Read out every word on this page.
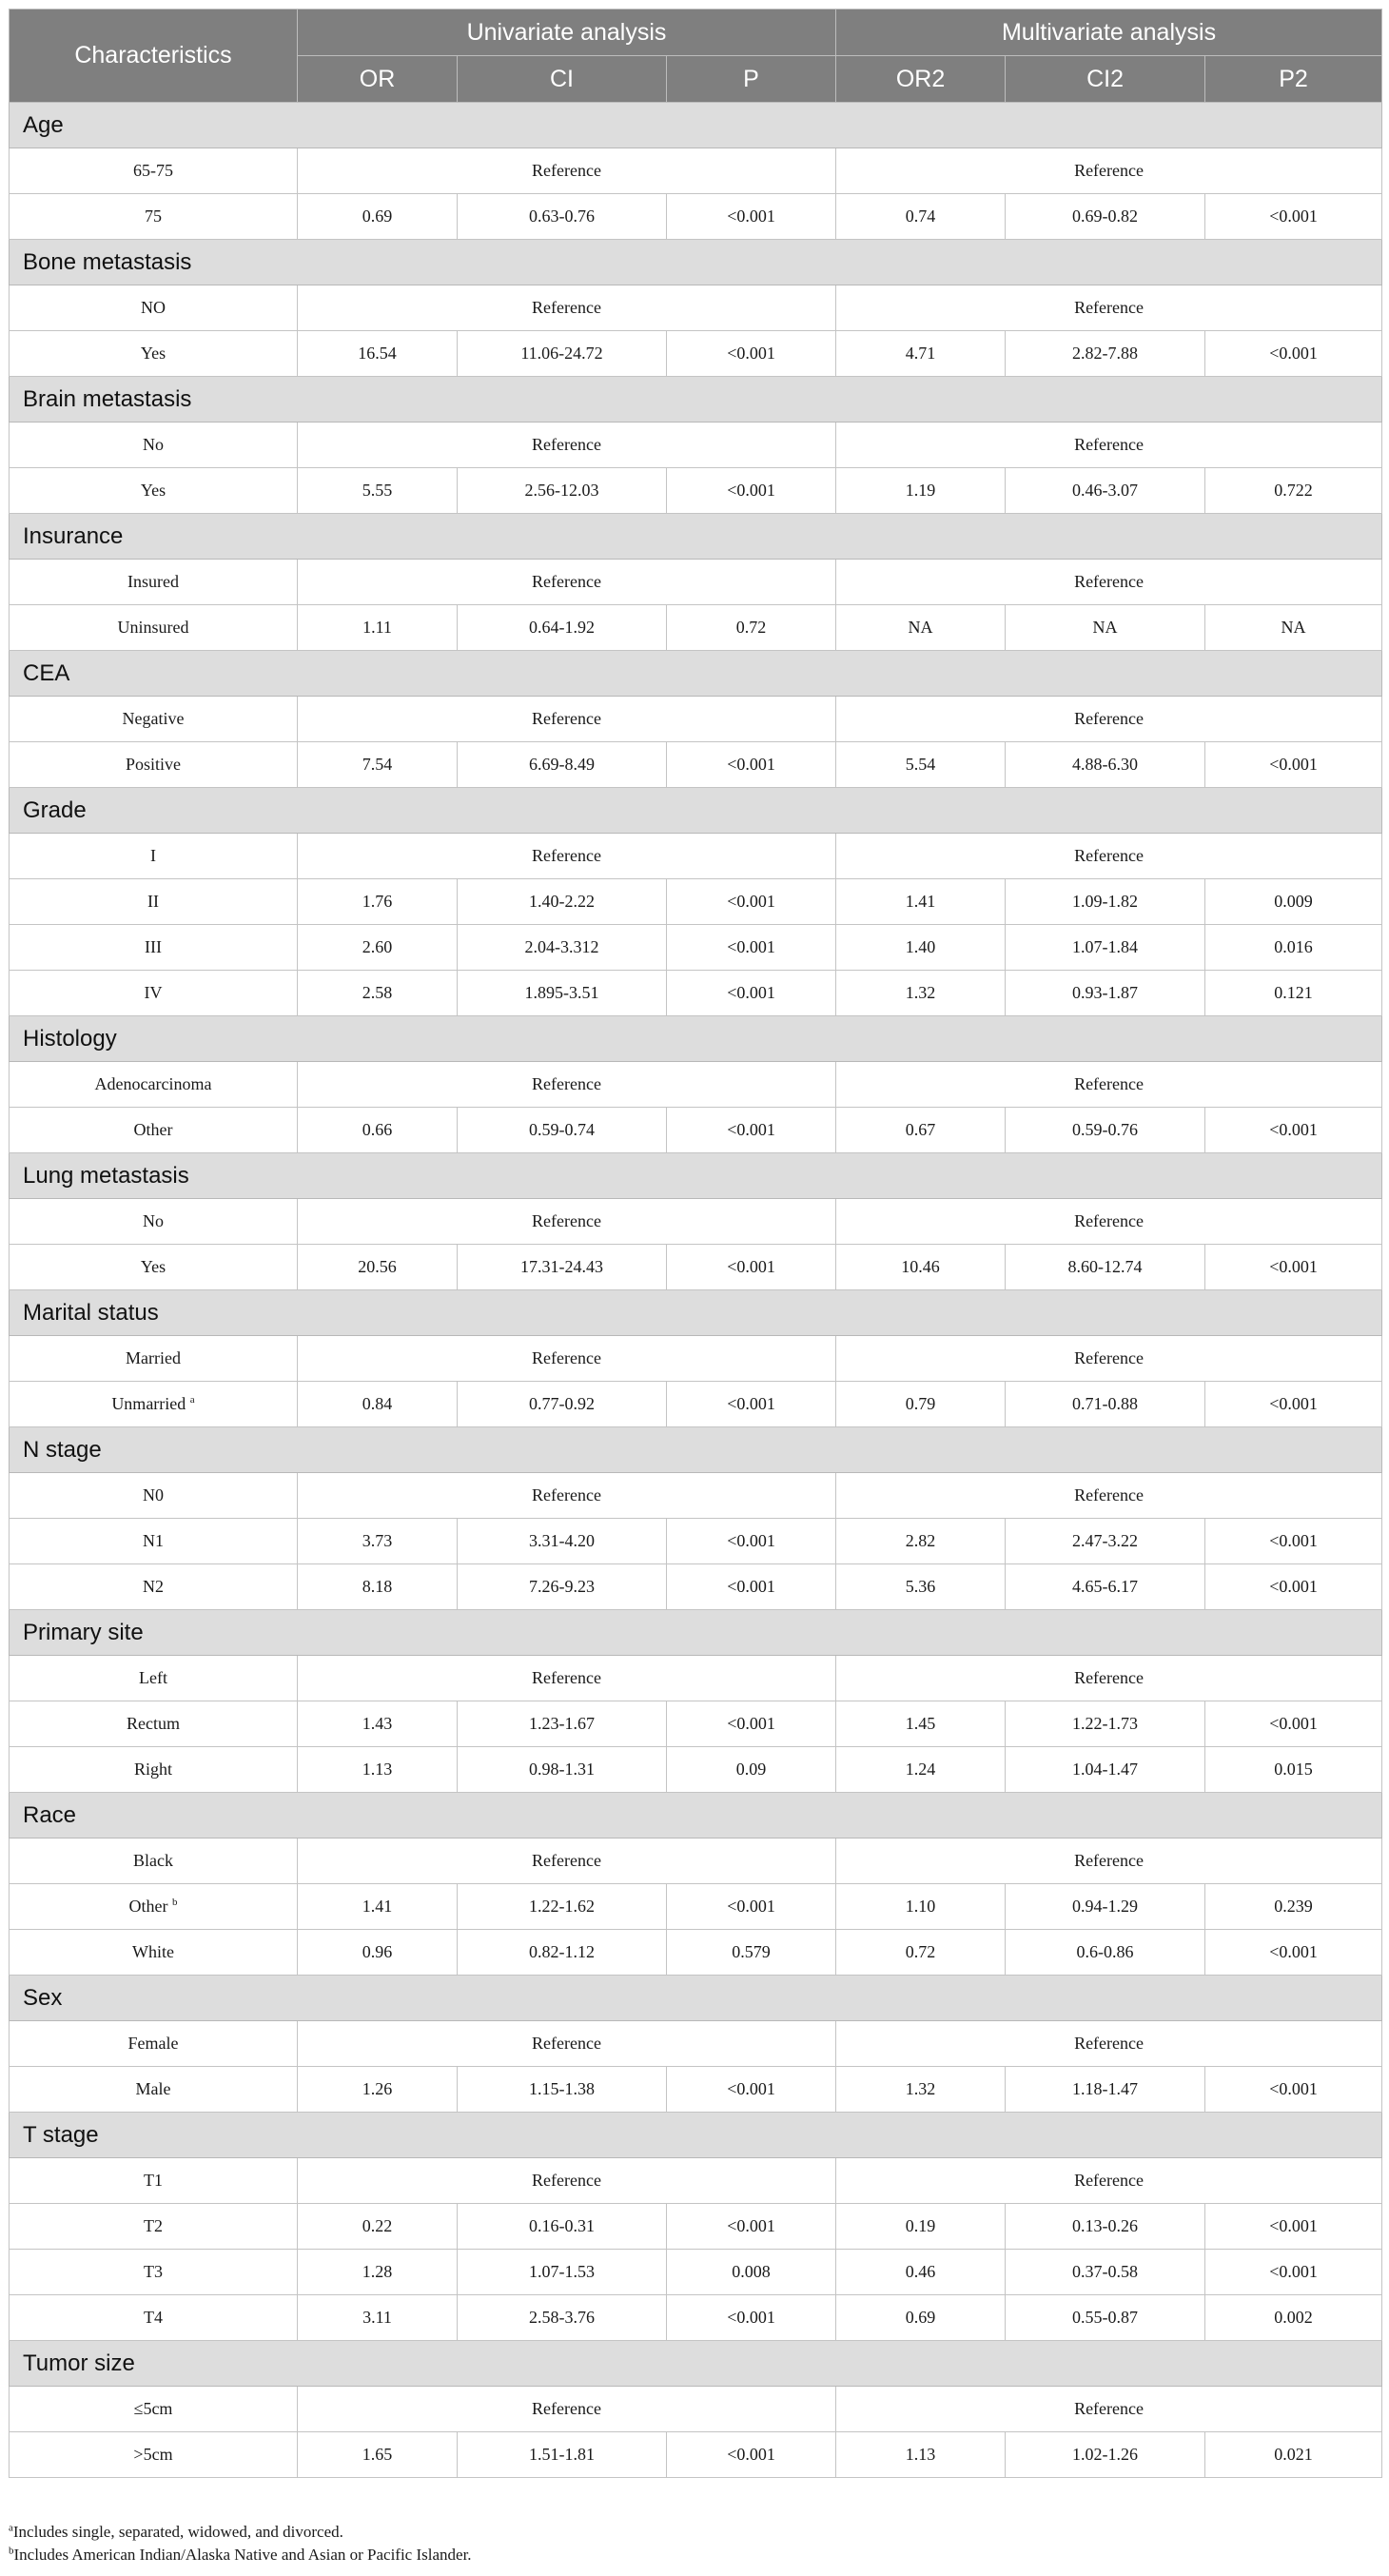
Characteristics	Univariate analysis			Multivariate analysis		
	OR	CI	P	OR2	CI2	P2
Age						
65-75	Reference			Reference		
75	0.69	0.63-0.76	<0.001	0.74	0.69-0.82	<0.001
Bone metastasis						
NO	Reference			Reference		
Yes	16.54	11.06-24.72	<0.001	4.71	2.82-7.88	<0.001
Brain metastasis						
No	Reference			Reference		
Yes	5.55	2.56-12.03	<0.001	1.19	0.46-3.07	0.722
Insurance						
Insured	Reference			Reference		
Uninsured	1.11	0.64-1.92	0.72	NA	NA	NA
CEA						
Negative	Reference			Reference		
Positive	7.54	6.69-8.49	<0.001	5.54	4.88-6.30	<0.001
Grade						
I	Reference			Reference		
II	1.76	1.40-2.22	<0.001	1.41	1.09-1.82	0.009
III	2.60	2.04-3.312	<0.001	1.40	1.07-1.84	0.016
IV	2.58	1.895-3.51	<0.001	1.32	0.93-1.87	0.121
Histology						
Adenocarcinoma	Reference			Reference		
Other	0.66	0.59-0.74	<0.001	0.67	0.59-0.76	<0.001
Lung metastasis						
No	Reference			Reference		
Yes	20.56	17.31-24.43	<0.001	10.46	8.60-12.74	<0.001
Marital status						
Married	Reference			Reference		
Unmarried $^a$	0.84	0.77-0.92	<0.001	0.79	0.71-0.88	<0.001
N stage						
N0	Reference			Reference		
N1	3.73	3.31-4.20	<0.001	2.82	2.47-3.22	<0.001
N2	8.18	7.26-9.23	<0.001	5.36	4.65-6.17	<0.001
Primary site						
Left	Reference			Reference		
Rectum	1.43	1.23-1.67	<0.001	1.45	1.22-1.73	<0.001
Right	1.13	0.98-1.31	0.09	1.24	1.04-1.47	0.015
Race						
Black	Reference			Reference		
Other $^b$	1.41	1.22-1.62	<0.001	1.10	0.94-1.29	0.239
White	0.96	0.82-1.12	0.579	0.72	0.6-0.86	<0.001
Sex						
Female	Reference			Reference		
Male	1.26	1.15-1.38	<0.001	1.32	1.18-1.47	<0.001
T stage						
T1	Reference			Reference		
T2	0.22	0.16-0.31	<0.001	0.19	0.13-0.26	<0.001
T3	1.28	1.07-1.53	0.008	0.46	0.37-0.58	<0.001
T4	3.11	2.58-3.76	<0.001	0.69	0.55-0.87	0.002
Tumor size						
≤5cm	Reference			Reference		
>5cm	1.65	1.51-1.81	<0.001	1.13	1.02-1.26	0.021
$^a$Includes single, separated, widowed, and divorced.
$^b$Includes American Indian/Alaska Native and Asian or Pacific Islander.
